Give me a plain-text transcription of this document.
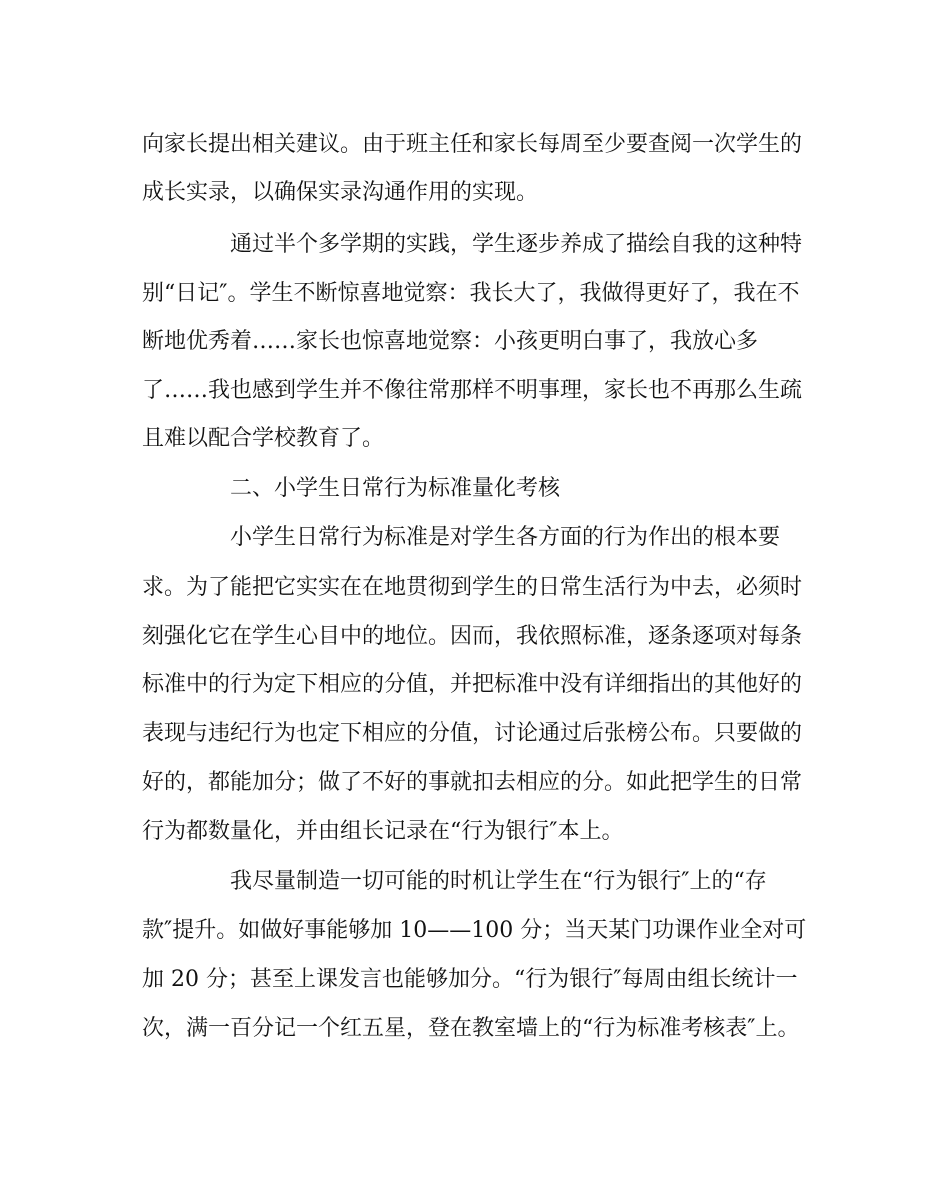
向家长提出相关建议。由于班主任和家长每周至少要查阅一次学生的
成长实录，以确保实录沟通作用的实现。
通过半个多学期的实践，学生逐步养成了描绘自我的这种特
别“日记″。学生不断惊喜地觉察：我长大了，我做得更好了，我在不
断地优秀着……家长也惊喜地觉察：小孩更明白事了，我放心多
了……我也感到学生并不像往常那样不明事理，家长也不再那么生疏
且难以配合学校教育了。
二、小学生日常行为标准量化考核
小学生日常行为标准是对学生各方面的行为作出的根本要
求。为了能把它实实在在地贯彻到学生的日常生活行为中去，必须时
刻强化它在学生心目中的地位。因而，我依照标准，逐条逐项对每条
标准中的行为定下相应的分值，并把标准中没有详细指出的其他好的
表现与违纪行为也定下相应的分值，讨论通过后张榜公布。只要做的
好的，都能加分；做了不好的事就扣去相应的分。如此把学生的日常
行为都数量化，并由组长记录在“行为银行″本上。
我尽量制造一切可能的时机让学生在“行为银行″上的“存
款″提升。如做好事能够加 10——100 分；当天某门功课作业全对可
加 20 分；甚至上课发言也能够加分。“行为银行″每周由组长统计一
次，满一百分记一个红五星，登在教室墙上的“行为标准考核表″上。
